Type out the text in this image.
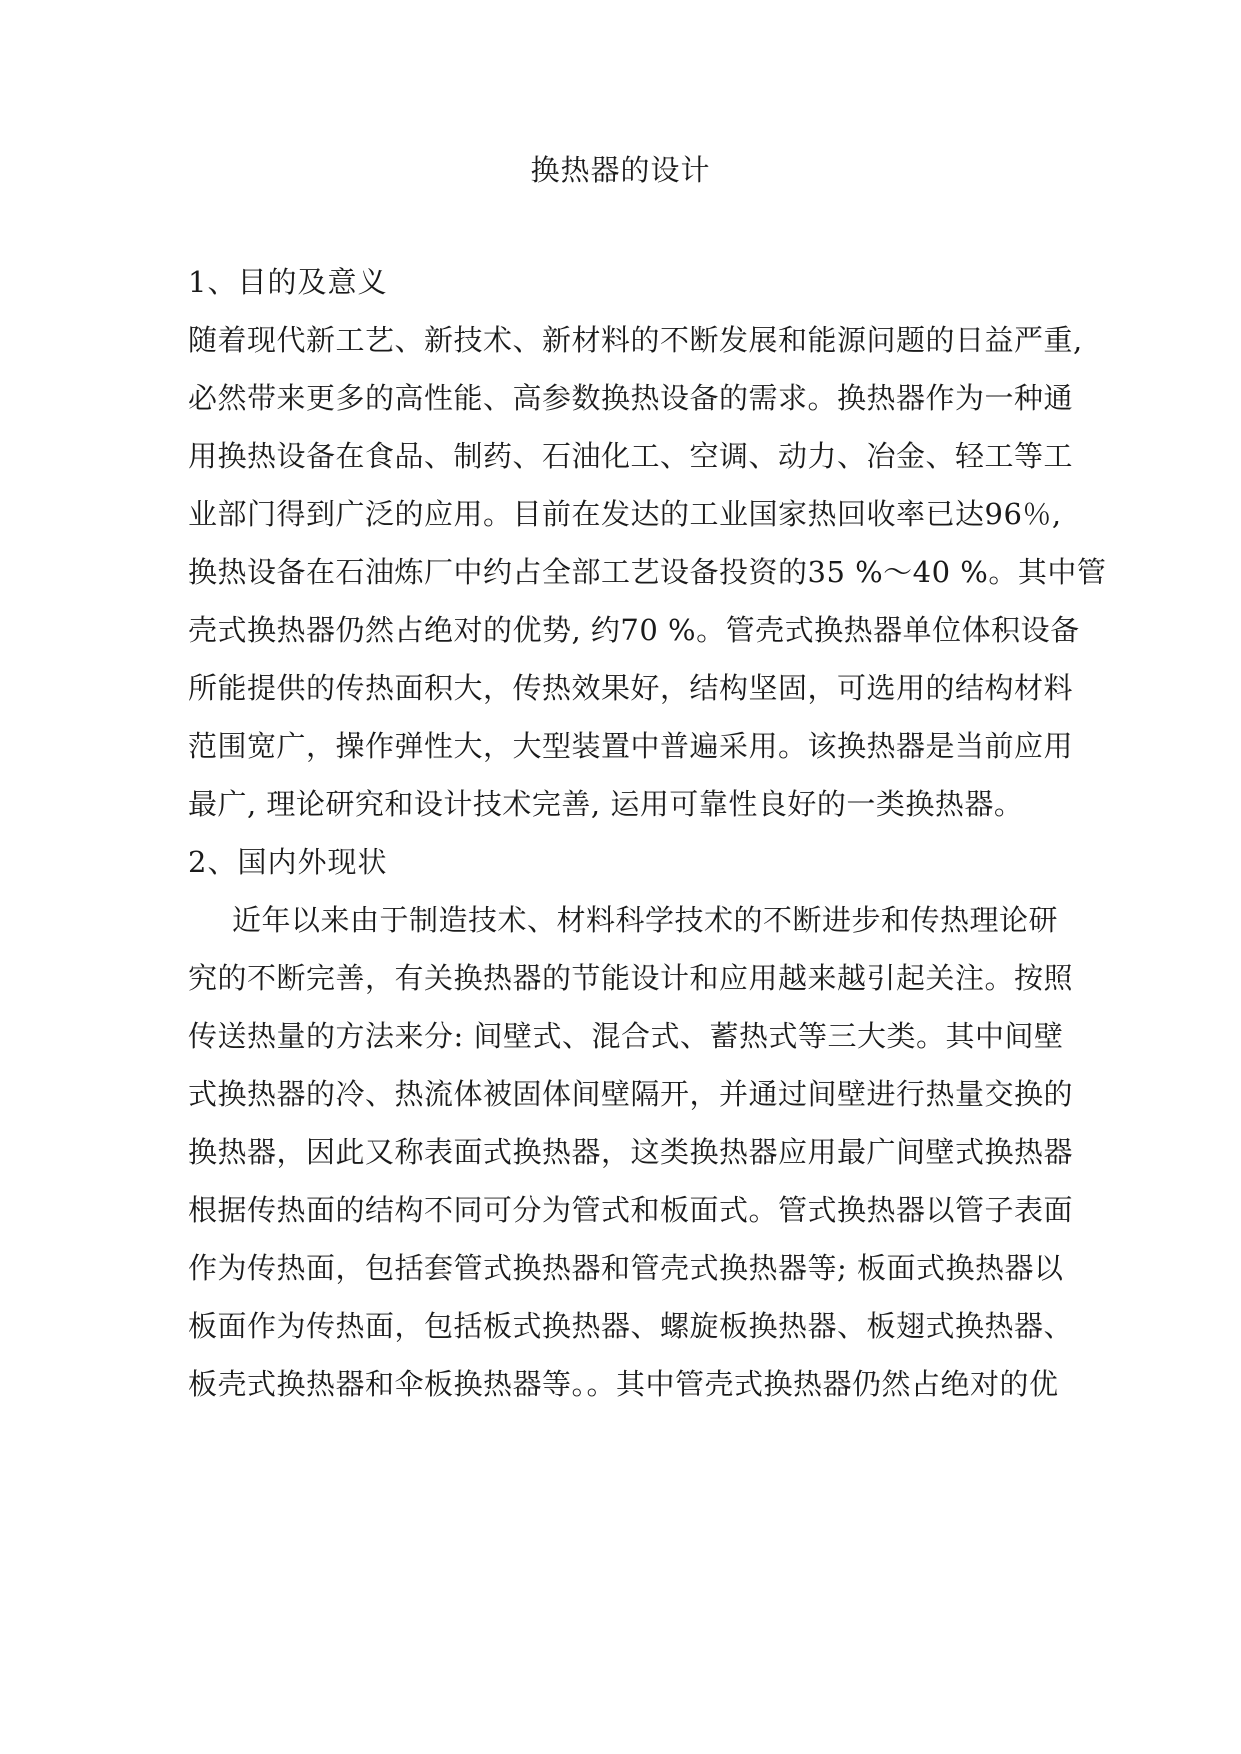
换热器的设计
1、目的及意义
随着现代新工艺、新技术、新材料的不断发展和能源问题的日益严重,
必然带来更多的高性能、高参数换热设备的需求。换热器作为一种通
用换热设备在食品、制药、石油化工、空调、动力、冶金、轻工等工
业部门得到广泛的应用。目前在发达的工业国家热回收率已达96％,
换热设备在石油炼厂中约占全部工艺设备投资的35 %～40 %。其中管
壳式换热器仍然占绝对的优势, 约70 %。管壳式换热器单位体积设备
所能提供的传热面积大，传热效果好，结构坚固，可选用的结构材料
范围宽广，操作弹性大，大型装置中普遍采用。该换热器是当前应用
最广, 理论研究和设计技术完善, 运用可靠性良好的一类换热器。
2、国内外现状
近年以来由于制造技术、材料科学技术的不断进步和传热理论研
究的不断完善，有关换热器的节能设计和应用越来越引起关注。按照
传送热量的方法来分: 间壁式、混合式、蓄热式等三大类。其中间壁
式换热器的冷、热流体被固体间壁隔开，并通过间壁进行热量交换的
换热器，因此又称表面式换热器，这类换热器应用最广间壁式换热器
根据传热面的结构不同可分为管式和板面式。管式换热器以管子表面
作为传热面，包括套管式换热器和管壳式换热器等; 板面式换热器以
板面作为传热面，包括板式换热器、螺旋板换热器、板翅式换热器、
板壳式换热器和伞板换热器等。。其中管壳式换热器仍然占绝对的优
